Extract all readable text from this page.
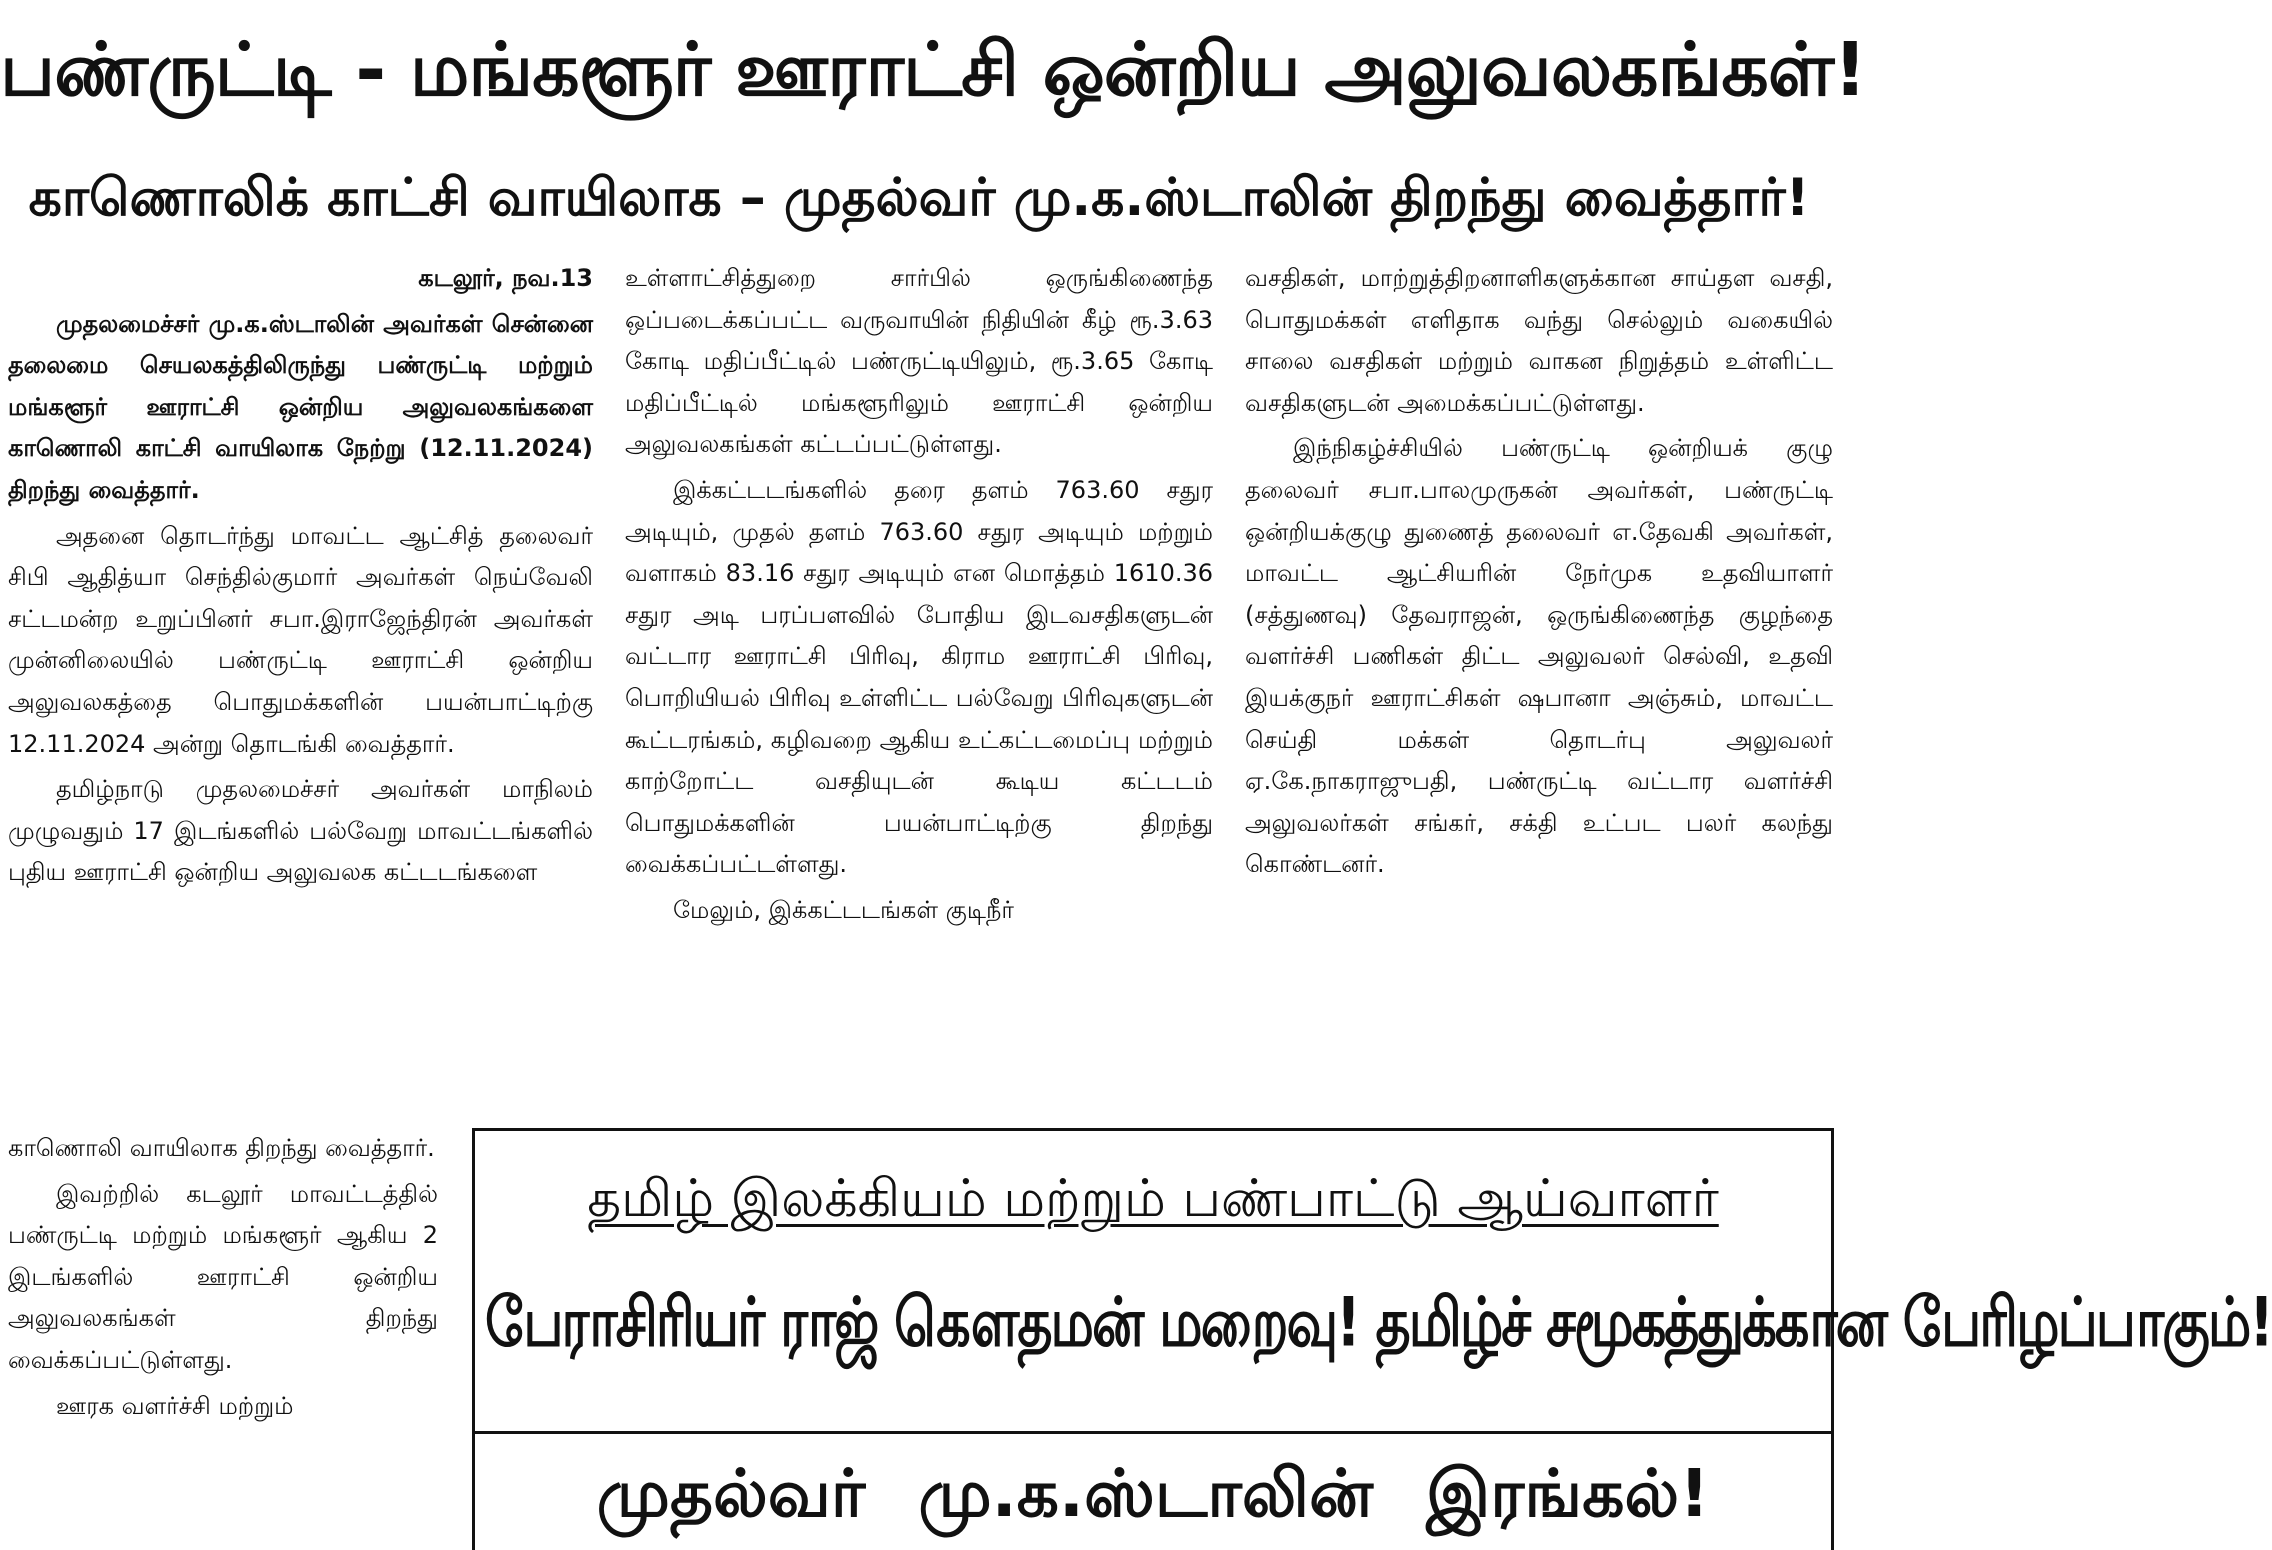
பண்ருட்டி - மங்களூர் ஊராட்சி ஒன்றிய அலுவலகங்கள்!
காணொலிக் காட்சி வாயிலாக – முதல்வர் மு.க.ஸ்டாலின் திறந்து வைத்தார்!

கடலூர், நவ.13

முதலமைச்சர் மு.க.ஸ்டாலின் அவர்கள் சென்னை தலைமை செயலகத்திலிருந்து பண்ருட்டி மற்றும் மங்களூர் ஊராட்சி ஒன்றிய அலுவலகங்களை காணொலி காட்சி வாயிலாக நேற்று (12.11.2024) திறந்து வைத்தார்.

அதனை தொடர்ந்து மாவட்ட ஆட்சித் தலைவர் சிபி ஆதித்யா செந்தில்குமார் அவர்கள் நெய்வேலி சட்டமன்ற உறுப்பினர் சபா.இராஜேந்திரன் அவர்கள் முன்னிலையில் பண்ருட்டி ஊராட்சி ஒன்றிய அலுவலகத்தை பொதுமக்களின் பயன்பாட்டிற்கு 12.11.2024 அன்று தொடங்கி வைத்தார்.

தமிழ்நாடு முதலமைச்சர் அவர்கள் மாநிலம் முழுவதும் 17 இடங்களில் பல்வேறு மாவட்டங்களில் புதிய ஊராட்சி ஒன்றிய அலுவலக கட்டடங்களை

காணொலி வாயிலாக திறந்து வைத்தார்.

இவற்றில் கடலூர் மாவட்டத்தில் பண்ருட்டி மற்றும் மங்களூர் ஆகிய 2 இடங்களில் ஊராட்சி ஒன்றிய அலுவலகங்கள் திறந்து வைக்கப்பட்டுள்ளது.

ஊரக வளர்ச்சி மற்றும்

உள்ளாட்சித்துறை சார்பில் ஒருங்கிணைந்த ஒப்படைக்கப்பட்ட வருவாயின் நிதியின் கீழ் ரூ.3.63 கோடி மதிப்பீட்டில் பண்ருட்டியிலும், ரூ.3.65 கோடி மதிப்பீட்டில் மங்களூரிலும் ஊராட்சி ஒன்றிய அலுவலகங்கள் கட்டப்பட்டுள்ளது.

இக்கட்டடங்களில் தரை தளம் 763.60 சதுர அடியும், முதல் தளம் 763.60 சதுர அடியும் மற்றும் வளாகம் 83.16 சதுர அடியும் என மொத்தம் 1610.36 சதுர அடி பரப்பளவில் போதிய இடவசதிகளுடன் வட்டார ஊராட்சி பிரிவு, கிராம ஊராட்சி பிரிவு, பொறியியல் பிரிவு உள்ளிட்ட பல்வேறு பிரிவுகளுடன் கூட்டரங்கம், கழிவறை ஆகிய உட்கட்டமைப்பு மற்றும் காற்றோட்ட வசதியுடன் கூடிய கட்டடம் பொதுமக்களின் பயன்பாட்டிற்கு திறந்து வைக்கப்பட்டள்ளது.

மேலும், இக்கட்டடங்கள் குடிநீர்

வசதிகள், மாற்றுத்திறனாளிகளுக்கான சாய்தள வசதி, பொதுமக்கள் எளிதாக வந்து செல்லும் வகையில் சாலை வசதிகள் மற்றும் வாகன நிறுத்தம் உள்ளிட்ட வசதிகளுடன் அமைக்கப்பட்டுள்ளது.

இந்நிகழ்ச்சியில் பண்ருட்டி ஒன்றியக் குழு தலைவர் சபா.பாலமுருகன் அவர்கள், பண்ருட்டி ஒன்றியக்குழு துணைத் தலைவர் எ.தேவகி அவர்கள், மாவட்ட ஆட்சியரின் நேர்முக உதவியாளர் (சத்துணவு) தேவராஜன், ஒருங்கிணைந்த குழந்தை வளர்ச்சி பணிகள் திட்ட அலுவலர் செல்வி, உதவி இயக்குநர் ஊராட்சிகள் ஷபானா அஞ்சும், மாவட்ட செய்தி மக்கள் தொடர்பு அலுவலர் ஏ.கே.நாகராஜுபதி, பண்ருட்டி வட்டார வளர்ச்சி அலுவலர்கள் சங்கர், சக்தி உட்பட பலர் கலந்து கொண்டனர்.

தமிழ் இலக்கியம் மற்றும் பண்பாட்டு ஆய்வாளர்
பேராசிரியர் ராஜ் கௌதமன் மறைவு! தமிழ்ச் சமூகத்துக்கான பேரிழப்பாகும்!
முதல்வர் மு.க.ஸ்டாலின் இரங்கல்!
